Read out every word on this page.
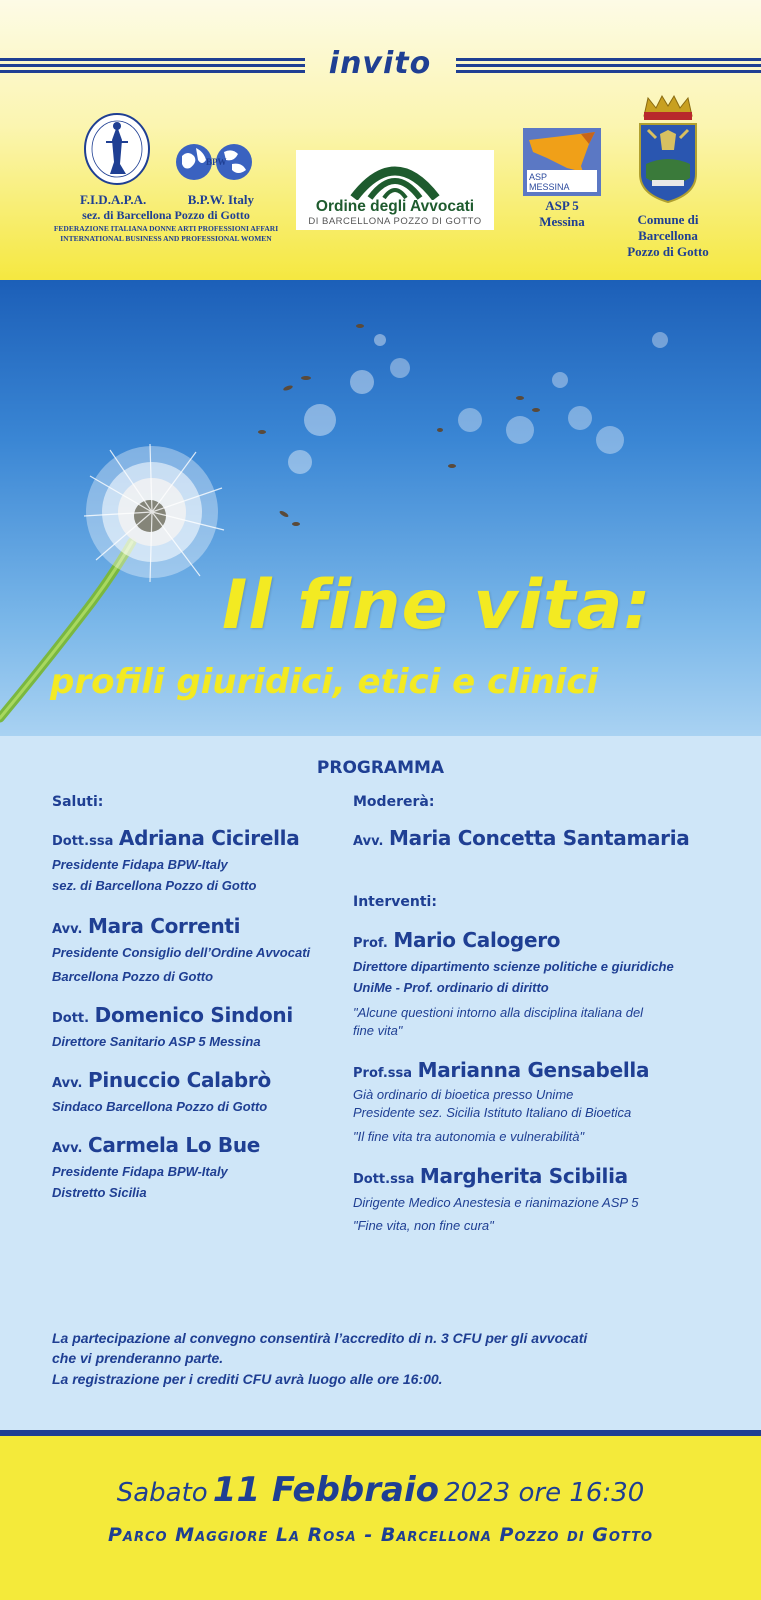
invito
BPW
F.I.D.A.P.A.	B.P.W. Italy
sez. di Barcellona Pozzo di Gotto
FEDERAZIONE ITALIANA DONNE ARTI PROFESSIONI AFFARI
INTERNATIONAL BUSINESS AND PROFESSIONAL WOMEN
Ordine degli Avvocati
DI BARCELLONA POZZO DI GOTTO
ASP MESSINA
ASP 5
Messina	Comune di
Barcellona
Pozzo di Gotto
Il fine vita:
profili giuridici, etici e clinici
PROGRAMMA
Saluti:
Dott.ssa Adriana Cicirella
Presidente Fidapa BPW-Italy
sez. di Barcellona Pozzo di Gotto
Avv. Mara Correnti
Presidente Consiglio dell’Ordine Avvocati
Barcellona Pozzo di Gotto
Dott. Domenico Sindoni
Direttore Sanitario ASP 5 Messina
Avv. Pinuccio Calabrò
Sindaco Barcellona Pozzo di Gotto
Avv. Carmela Lo Bue
Presidente Fidapa BPW-Italy
Distretto Sicilia
Modererà:
Avv. Maria Concetta Santamaria
Interventi:
Prof. Mario Calogero
Direttore dipartimento scienze politiche e giuridiche
UniMe - Prof. ordinario di diritto
"Alcune questioni intorno alla disciplina italiana del
fine vita"
Prof.ssa Marianna Gensabella
Già ordinario di bioetica presso Unime
Presidente sez. Sicilia Istituto Italiano di Bioetica
"Il fine vita tra autonomia e vulnerabilità"
Dott.ssa Margherita Scibilia
Dirigente Medico Anestesia e rianimazione ASP 5
"Fine vita, non fine cura"
La partecipazione al convegno consentirà l’accredito di n. 3 CFU per gli avvocati
che vi prenderanno parte.
La registrazione per i crediti CFU avrà luogo alle ore 16:00.
Sabato 11 Febbraio 2023 ore 16:30
Parco Maggiore La Rosa - Barcellona Pozzo di Gotto
